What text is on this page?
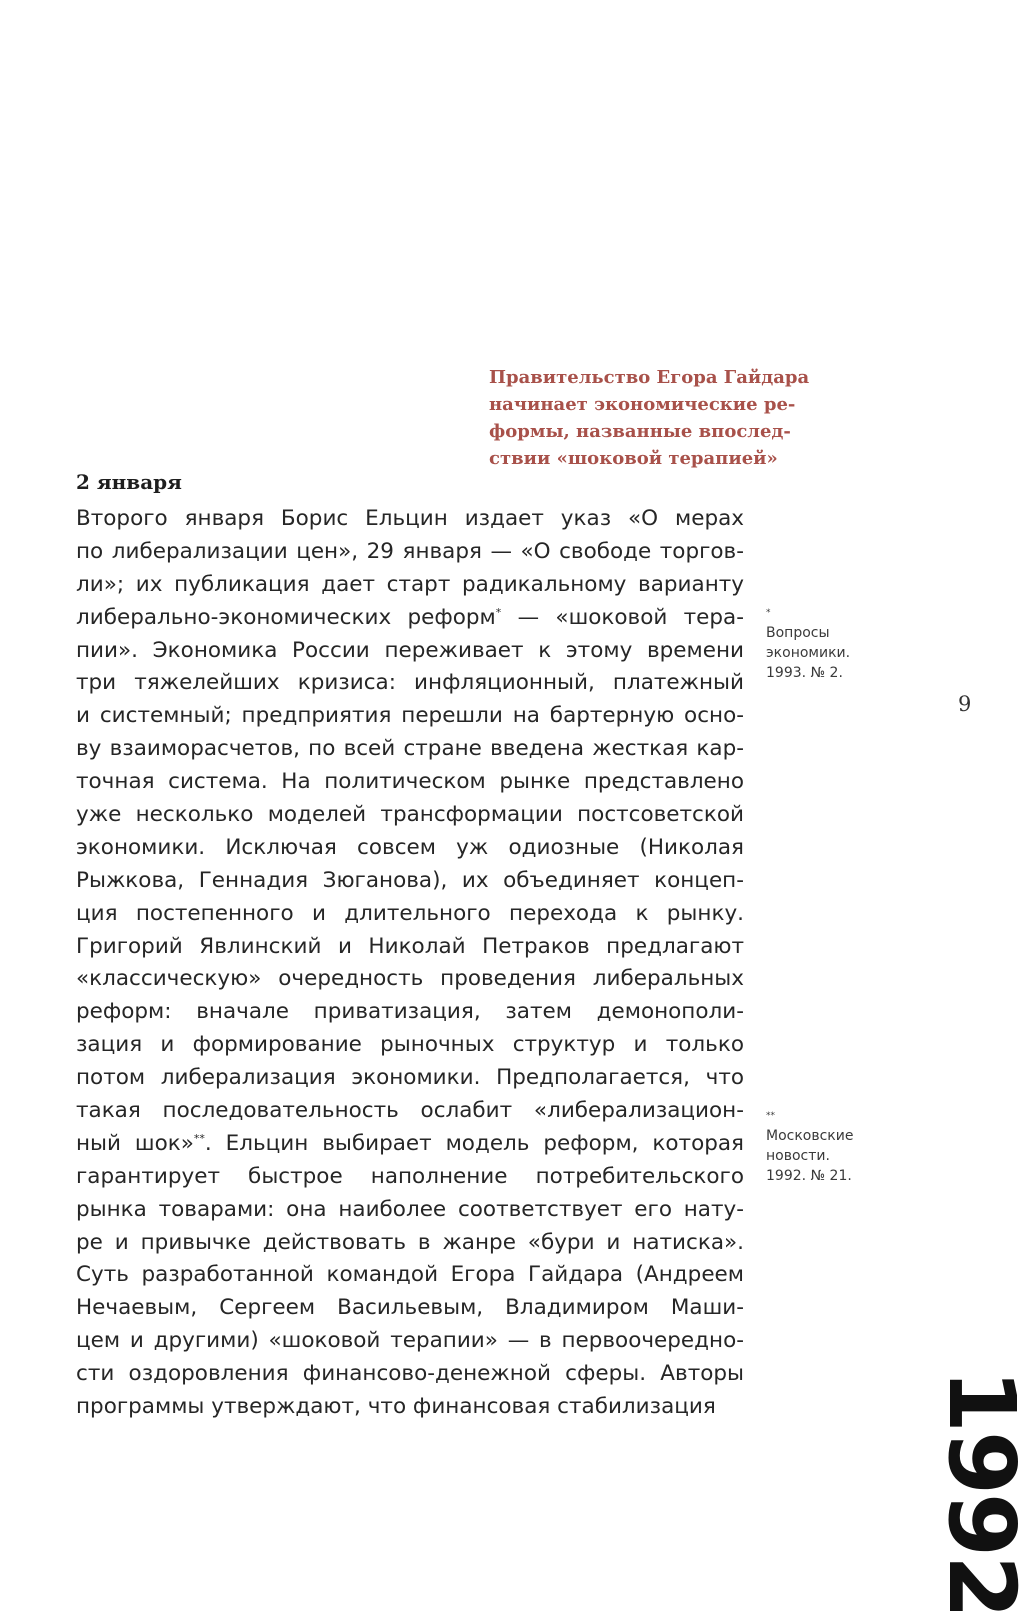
Правительство Егора Гайдара
начинает экономические ре-
формы, названные впослед-
ствии «шоковой терапией»
2 января
Второго января Борис Ельцин издает указ «О мерах
по либерализации цен», 29 января — «О свободе торгов-
ли»; их публикация дает старт радикальному варианту
либерально-экономических реформ* — «шоковой тера-
пии». Экономика России переживает к этому времени
три тяжелейших кризиса: инфляционный, платежный
и системный; предприятия перешли на бартерную осно-
ву взаиморасчетов, по всей стране введена жесткая кар-
точная система. На политическом рынке представлено
уже несколько моделей трансформации постсоветской
экономики. Исключая совсем уж одиозные (Николая
Рыжкова, Геннадия Зюганова), их объединяет концеп-
ция постепенного и длительного перехода к рынку.
Григорий Явлинский и Николай Петраков предлагают
«классическую» очередность проведения либеральных
реформ: вначале приватизация, затем демонополи-
зация и формирование рыночных структур и только
потом либерализация экономики. Предполагается, что
такая последовательность ослабит «либерализацион-
ный шок»**. Ельцин выбирает модель реформ, которая
гарантирует быстрое наполнение потребительского
рынка товарами: она наиболее соответствует его нату-
ре и привычке действовать в жанре «бури и натиска».
Суть разработанной командой Егора Гайдара (Андреем
Нечаевым, Сергеем Васильевым, Владимиром Маши-
цем и другими) «шоковой терапии» — в первоочередно-
сти оздоровления финансово-денежной сферы. Авторы
программы утверждают, что финансовая стабилизация
*
Вопросы
экономики.
1993. № 2.
**
Московские
новости.
1992. № 21.
9
1992
